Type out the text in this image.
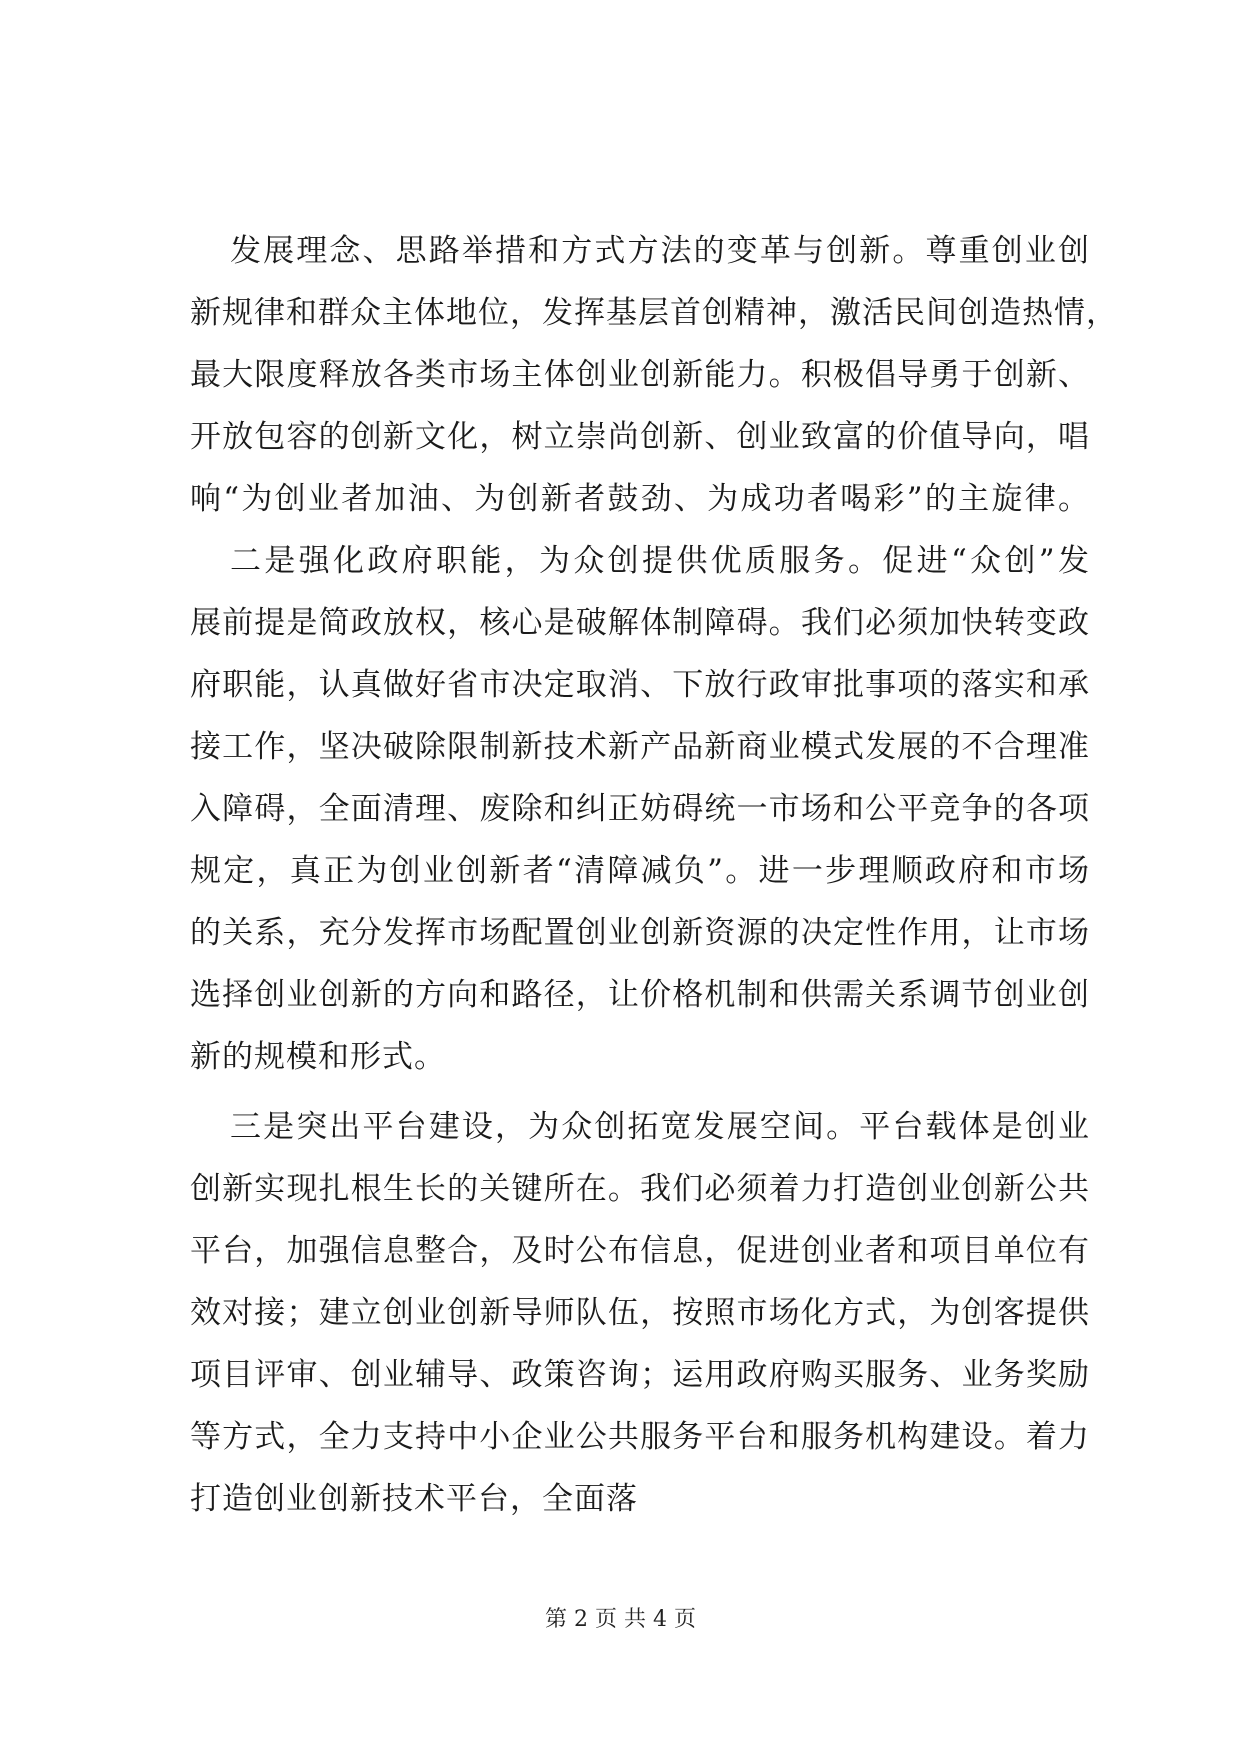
发展理念、思路举措和方式方法的变革与创新。尊重创业创
新规律和群众主体地位，发挥基层首创精神，激活民间创造热情，
最大限度释放各类市场主体创业创新能力。积极倡导勇于创新、
开放包容的创新文化，树立崇尚创新、创业致富的价值导向，唱
响“为创业者加油、为创新者鼓劲、为成功者喝彩”的主旋律。
二是强化政府职能，为众创提供优质服务。促进“众创”发
展前提是简政放权，核心是破解体制障碍。我们必须加快转变政
府职能，认真做好省市决定取消、下放行政审批事项的落实和承
接工作，坚决破除限制新技术新产品新商业模式发展的不合理准
入障碍，全面清理、废除和纠正妨碍统一市场和公平竞争的各项
规定，真正为创业创新者“清障减负”。进一步理顺政府和市场
的关系，充分发挥市场配置创业创新资源的决定性作用，让市场
选择创业创新的方向和路径，让价格机制和供需关系调节创业创
新的规模和形式。
三是突出平台建设，为众创拓宽发展空间。平台载体是创业
创新实现扎根生长的关键所在。我们必须着力打造创业创新公共
平台，加强信息整合，及时公布信息，促进创业者和项目单位有
效对接；建立创业创新导师队伍，按照市场化方式，为创客提供
项目评审、创业辅导、政策咨询；运用政府购买服务、业务奖励
等方式，全力支持中小企业公共服务平台和服务机构建设。着力
打造创业创新技术平台，全面落
第 2 页 共 4 页
